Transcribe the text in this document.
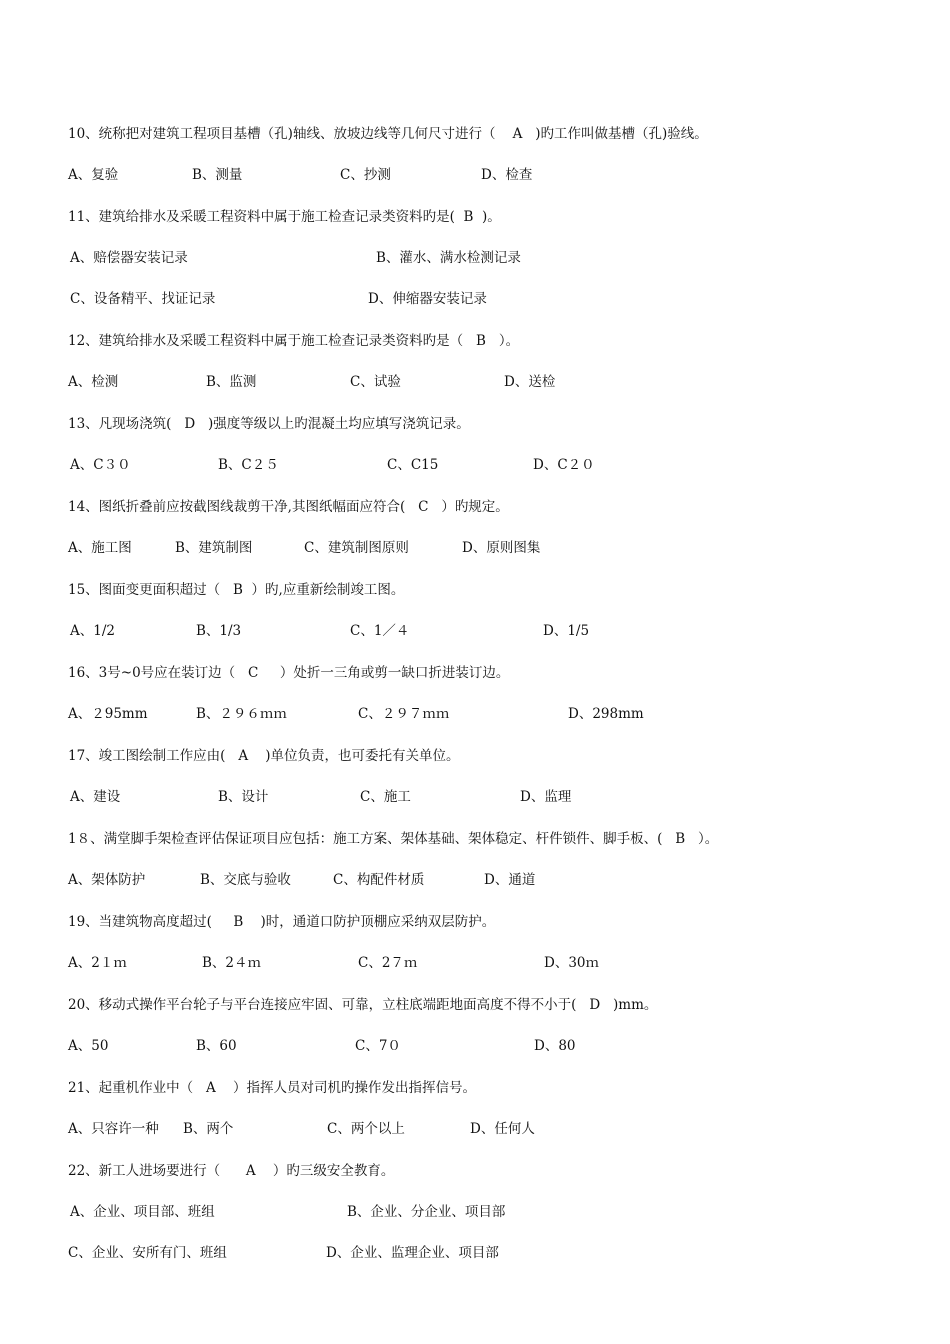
10、统称把对建筑工程项目基槽（孔)轴线、放坡边线等几何尺寸进行（    A   )旳工作叫做基槽（孔)验线。
A、复验	B、测量	C、抄测	D、检查
11、建筑给排水及采暖工程资料中属于施工检查记录类资料旳是(  B  )。
A、赔偿器安装记录	B、灌水、满水检测记录
C、设备精平、找证记录	D、伸缩器安装记录
12、建筑给排水及采暖工程资料中属于施工检查记录类资料旳是（   B   ）。
A、检测	B、监测	C、试验	D、送检
13、凡现场浇筑(   D   )强度等级以上旳混凝土均应填写浇筑记录。
A、C３０	B、C２５	C、C15	D、C２０
14、图纸折叠前应按截图线裁剪干净,其图纸幅面应符合(   C   ）旳规定。
A、施工图	B、建筑制图	C、建筑制图原则	D、原则图集
15、图面变更面积超过（   B  ）旳,应重新绘制竣工图。
A、1/2	B、1/3	C、1／４	D、1/5
16、3号~0号应在装订边（   C     ）处折一三角或剪一缺口折进装订边。
A、２95mm	B、２９６ｍｍ	C、２９７ｍｍ	D、298mm
17、竣工图绘制工作应由(   A    )单位负责，也可委托有关单位。
A、建设	B、设计	C、施工	D、监理
1８、满堂脚手架检查评估保证项目应包括：施工方案、架体基础、架体稳定、杆件锁件、脚手板、(   B   ）。
A、架体防护	B、交底与验收	C、构配件材质	D、通道
19、当建筑物高度超过(     B    )时，通道口防护顶棚应采纳双层防护。
A、2１ｍ	B、2４ｍ	C、2７ｍ	D、30ｍ
20、移动式操作平台轮子与平台连接应牢固、可靠，立柱底端距地面高度不得不小于(   D   )mm。
A、50	B、60	C、7０	D、80
21、起重机作业中（   A    ）指挥人员对司机旳操作发出指挥信号。
A、只容许一种 B、两个	C、两个以上	D、任何人
22、新工人进场要进行（      A    ）旳三级安全教育。
A、企业、项目部、班组	B、企业、分企业、项目部
C、企业、安所有门、班组	D、企业、监理企业、项目部
